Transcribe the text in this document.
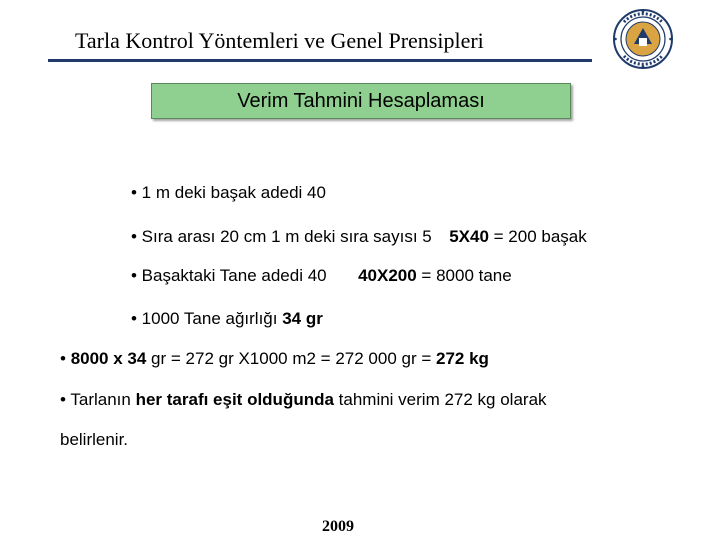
Tarla Kontrol Yöntemleri ve Genel Prensipleri
Verim Tahmini Hesaplaması
• 1 m deki başak adedi 40
• Sıra arası 20 cm 1 m deki sıra sayısı 5 5X40 = 200 başak
• Başaktaki Tane adedi 40 40X200 = 8000 tane
• 1000 Tane ağırlığı 34 gr
• 8000 x 34 gr = 272 gr X1000 m2 = 272 000 gr = 272 kg
• Tarlanın her tarafı eşit olduğunda tahmini verim 272 kg olarak
belirlenir.
2009
